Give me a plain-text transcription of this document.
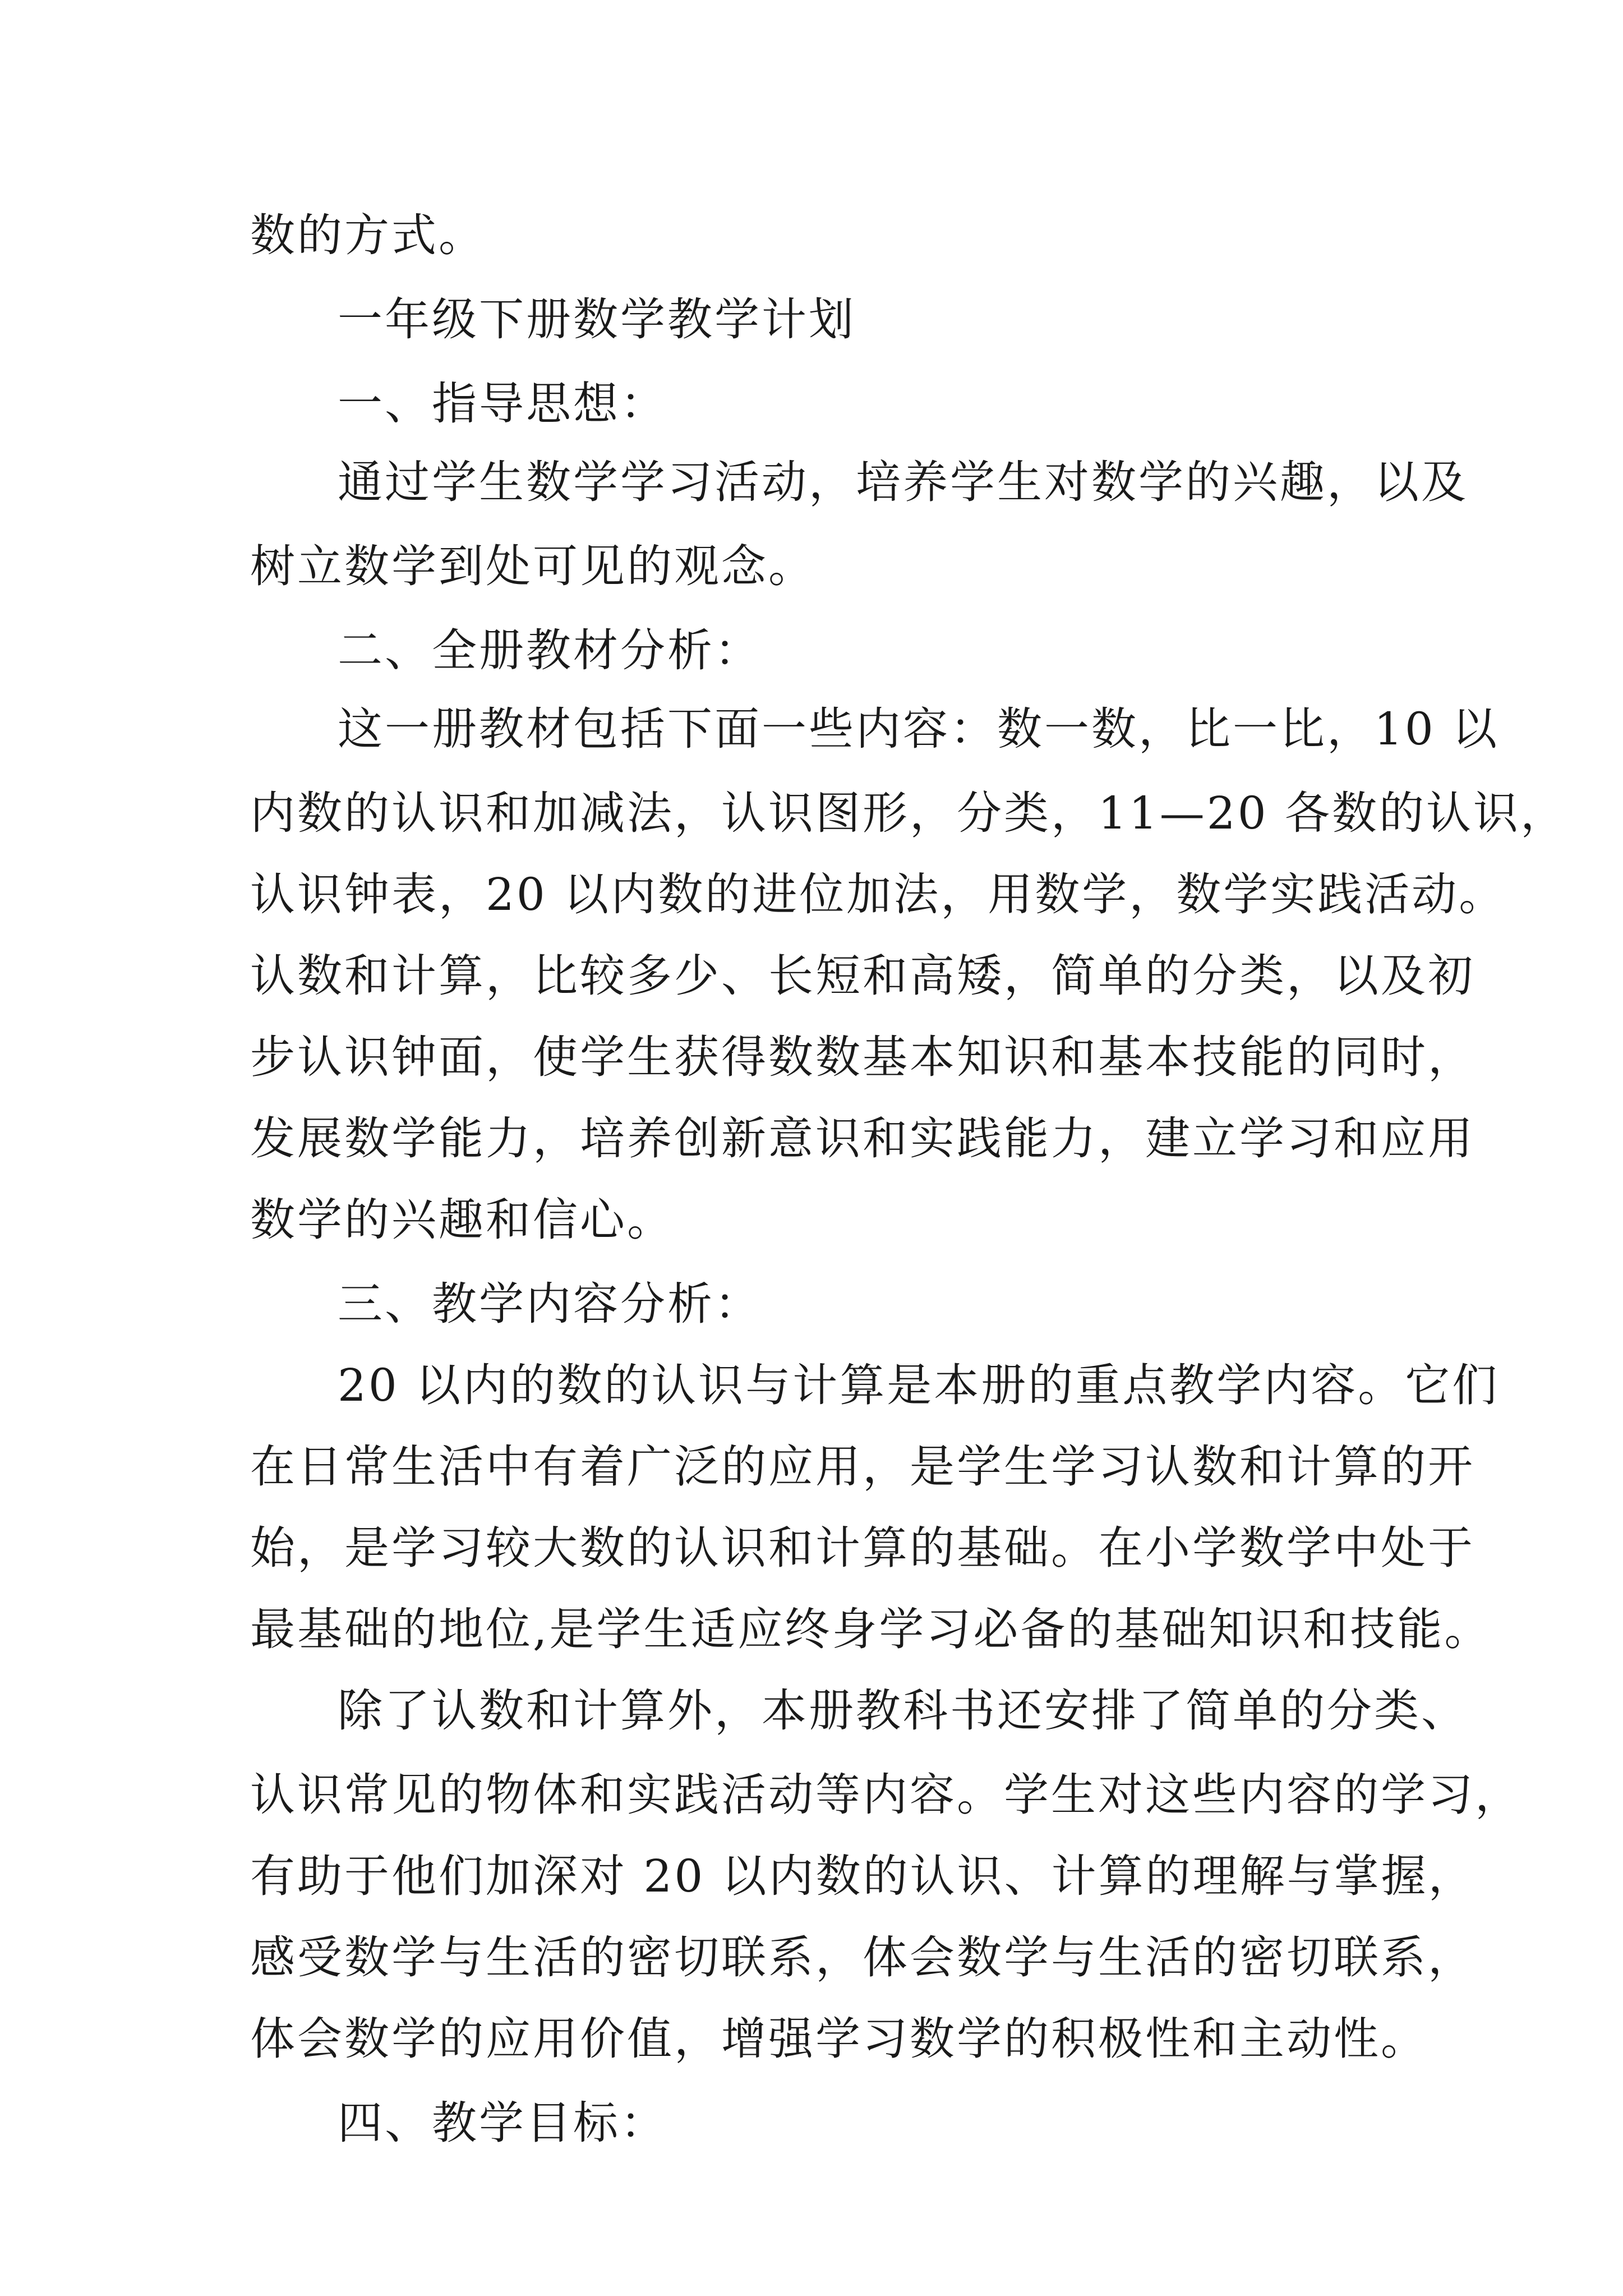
数的方式。
一年级下册数学教学计划
一、指导思想：
通过学生数学学习活动，培养学生对数学的兴趣，以及
树立数学到处可见的观念。
二、全册教材分析：
这一册教材包括下面一些内容：数一数，比一比，10 以
内数的认识和加减法，认识图形，分类，11—20 各数的认识，
认识钟表，20 以内数的进位加法，用数学，数学实践活动。
认数和计算，比较多少、长短和高矮，简单的分类，以及初
步认识钟面，使学生获得数数基本知识和基本技能的同时，
发展数学能力，培养创新意识和实践能力，建立学习和应用
数学的兴趣和信心。
三、教学内容分析：
20 以内的数的认识与计算是本册的重点教学内容。它们
在日常生活中有着广泛的应用，是学生学习认数和计算的开
始，是学习较大数的认识和计算的基础。在小学数学中处于
最基础的地位,是学生适应终身学习必备的基础知识和技能。
除了认数和计算外，本册教科书还安排了简单的分类、
认识常见的物体和实践活动等内容。学生对这些内容的学习，
有助于他们加深对 20 以内数的认识、计算的理解与掌握，
感受数学与生活的密切联系，体会数学与生活的密切联系，
体会数学的应用价值，增强学习数学的积极性和主动性。
四、教学目标：
